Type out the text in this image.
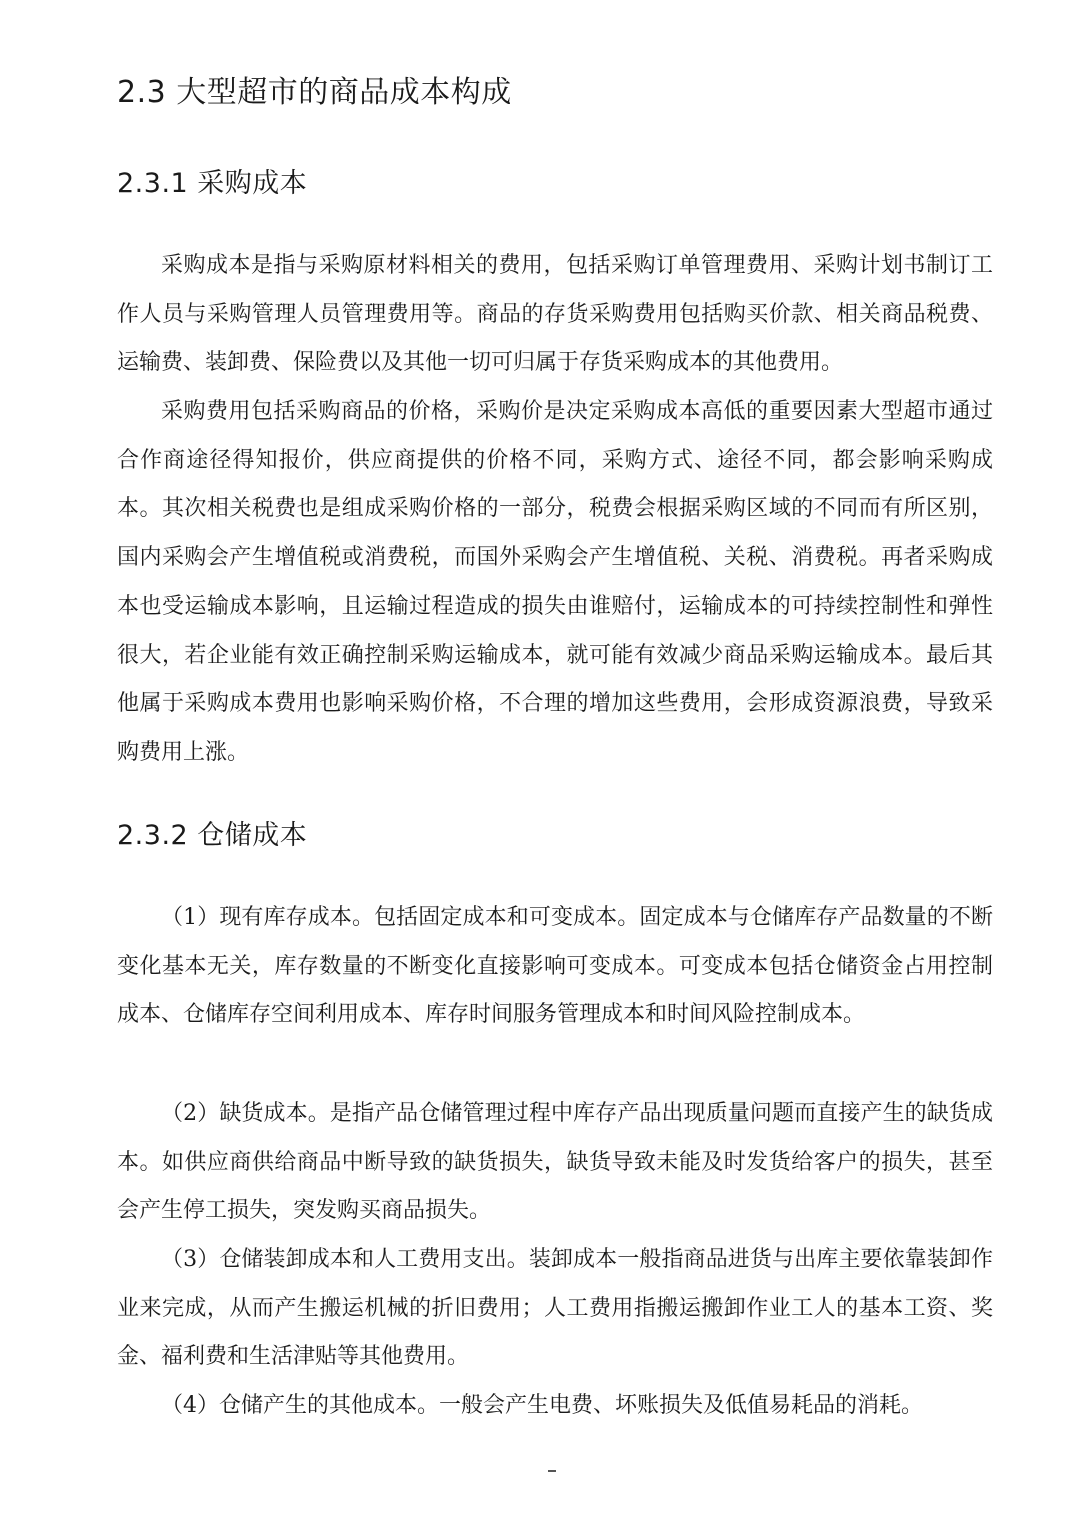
2.3 大型超市的商品成本构成
2.3.1 采购成本

采购成本是指与采购原材料相关的费用，包括采购订单管理费用、采购计划书制订工作人员与采购管理人员管理费用等。商品的存货采购费用包括购买价款、相关商品税费、运输费、装卸费、保险费以及其他一切可归属于存货采购成本的其他费用。

采购费用包括采购商品的价格，采购价是决定采购成本高低的重要因素大型超市通过合作商途径得知报价，供应商提供的价格不同，采购方式、途径不同，都会影响采购成本。其次相关税费也是组成采购价格的一部分，税费会根据采购区域的不同而有所区别，国内采购会产生增值税或消费税，而国外采购会产生增值税、关税、消费税。再者采购成本也受运输成本影响，且运输过程造成的损失由谁赔付，运输成本的可持续控制性和弹性很大，若企业能有效正确控制采购运输成本，就可能有效减少商品采购运输成本。最后其他属于采购成本费用也影响采购价格，不合理的增加这些费用，会形成资源浪费，导致采购费用上涨。

2.3.2 仓储成本

（1）现有库存成本。包括固定成本和可变成本。固定成本与仓储库存产品数量的不断变化基本无关，库存数量的不断变化直接影响可变成本。可变成本包括仓储资金占用控制成本、仓储库存空间利用成本、库存时间服务管理成本和时间风险控制成本。

（2）缺货成本。是指产品仓储管理过程中库存产品出现质量问题而直接产生的缺货成本。如供应商供给商品中断导致的缺货损失，缺货导致未能及时发货给客户的损失，甚至会产生停工损失，突发购买商品损失。

（3）仓储装卸成本和人工费用支出。装卸成本一般指商品进货与出库主要依靠装卸作业来完成，从而产生搬运机械的折旧费用；人工费用指搬运搬卸作业工人的基本工资、奖金、福利费和生活津贴等其他费用。

（4）仓储产生的其他成本。一般会产生电费、坏账损失及低值易耗品的消耗。
